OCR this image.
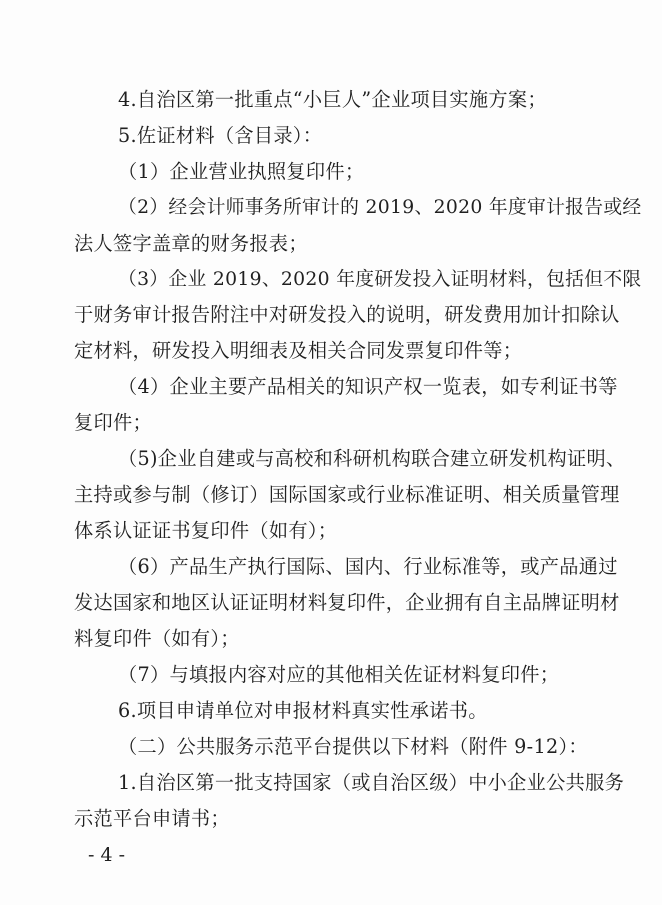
4.自治区第一批重点“小巨人”企业项目实施方案；
5.佐证材料（含目录）：
（1）企业营业执照复印件；
（2）经会计师事务所审计的 2019、2020 年度审计报告或经
法人签字盖章的财务报表；
（3）企业 2019、2020 年度研发投入证明材料，包括但不限
于财务审计报告附注中对研发投入的说明，研发费用加计扣除认
定材料，研发投入明细表及相关合同发票复印件等；
（4）企业主要产品相关的知识产权一览表，如专利证书等
复印件；
（5)企业自建或与高校和科研机构联合建立研发机构证明、
主持或参与制（修订）国际国家或行业标准证明、相关质量管理
体系认证证书复印件（如有）；
（6）产品生产执行国际、国内、行业标准等，或产品通过
发达国家和地区认证证明材料复印件，企业拥有自主品牌证明材
料复印件（如有）；
（7）与填报内容对应的其他相关佐证材料复印件；
6.项目申请单位对申报材料真实性承诺书。
（二）公共服务示范平台提供以下材料（附件 9-12）：
1.自治区第一批支持国家（或自治区级）中小企业公共服务
示范平台申请书；
- 4 -
